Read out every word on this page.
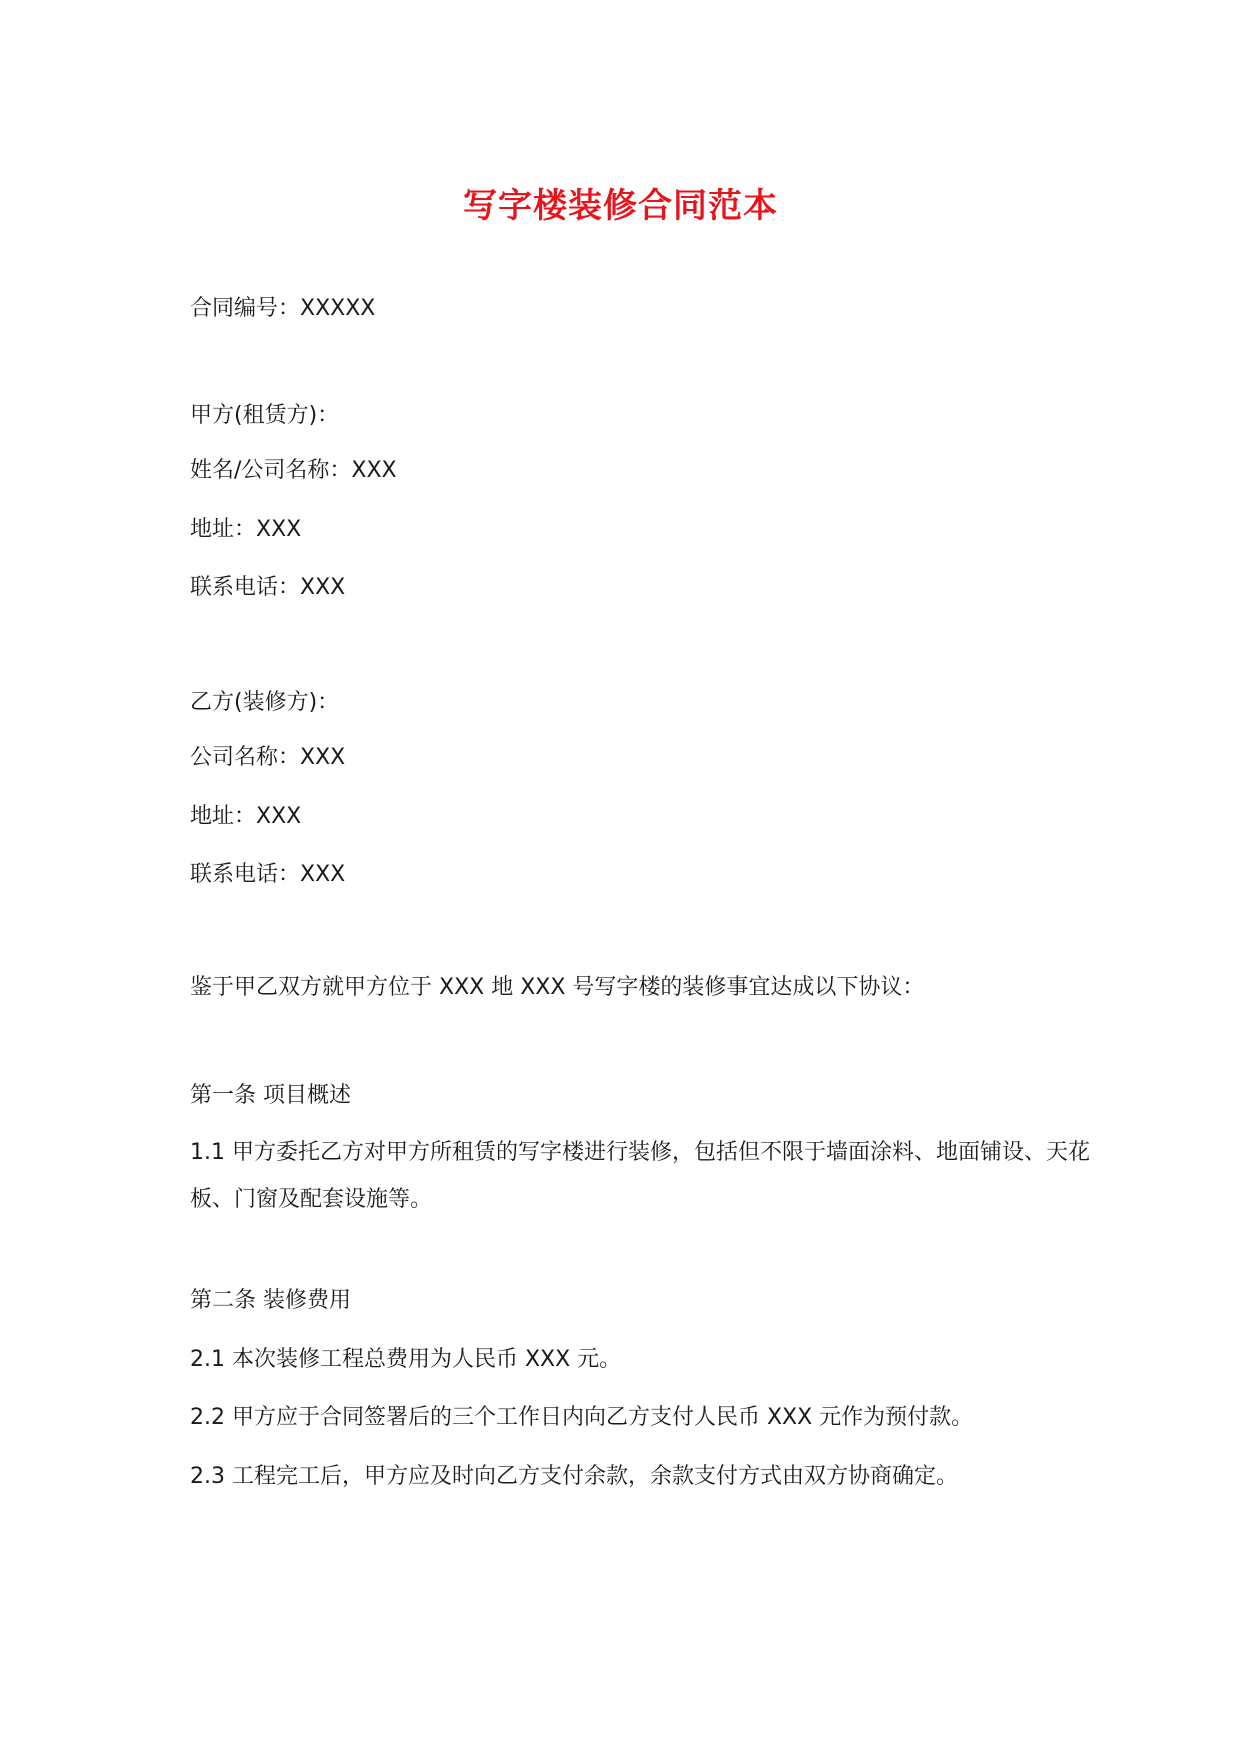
写字楼装修合同范本
合同编号：XXXXX
甲方(租赁方)：
姓名/公司名称：XXX
地址：XXX
联系电话：XXX
乙方(装修方)：
公司名称：XXX
地址：XXX
联系电话：XXX
鉴于甲乙双方就甲方位于 XXX 地 XXX 号写字楼的装修事宜达成以下协议：
第一条 项目概述
1.1 甲方委托乙方对甲方所租赁的写字楼进行装修，包括但不限于墙面涂料、地面铺设、天花板、门窗及配套设施等。
第二条 装修费用
2.1 本次装修工程总费用为人民币 XXX 元。
2.2 甲方应于合同签署后的三个工作日内向乙方支付人民币 XXX 元作为预付款。
2.3 工程完工后，甲方应及时向乙方支付余款，余款支付方式由双方协商确定。
